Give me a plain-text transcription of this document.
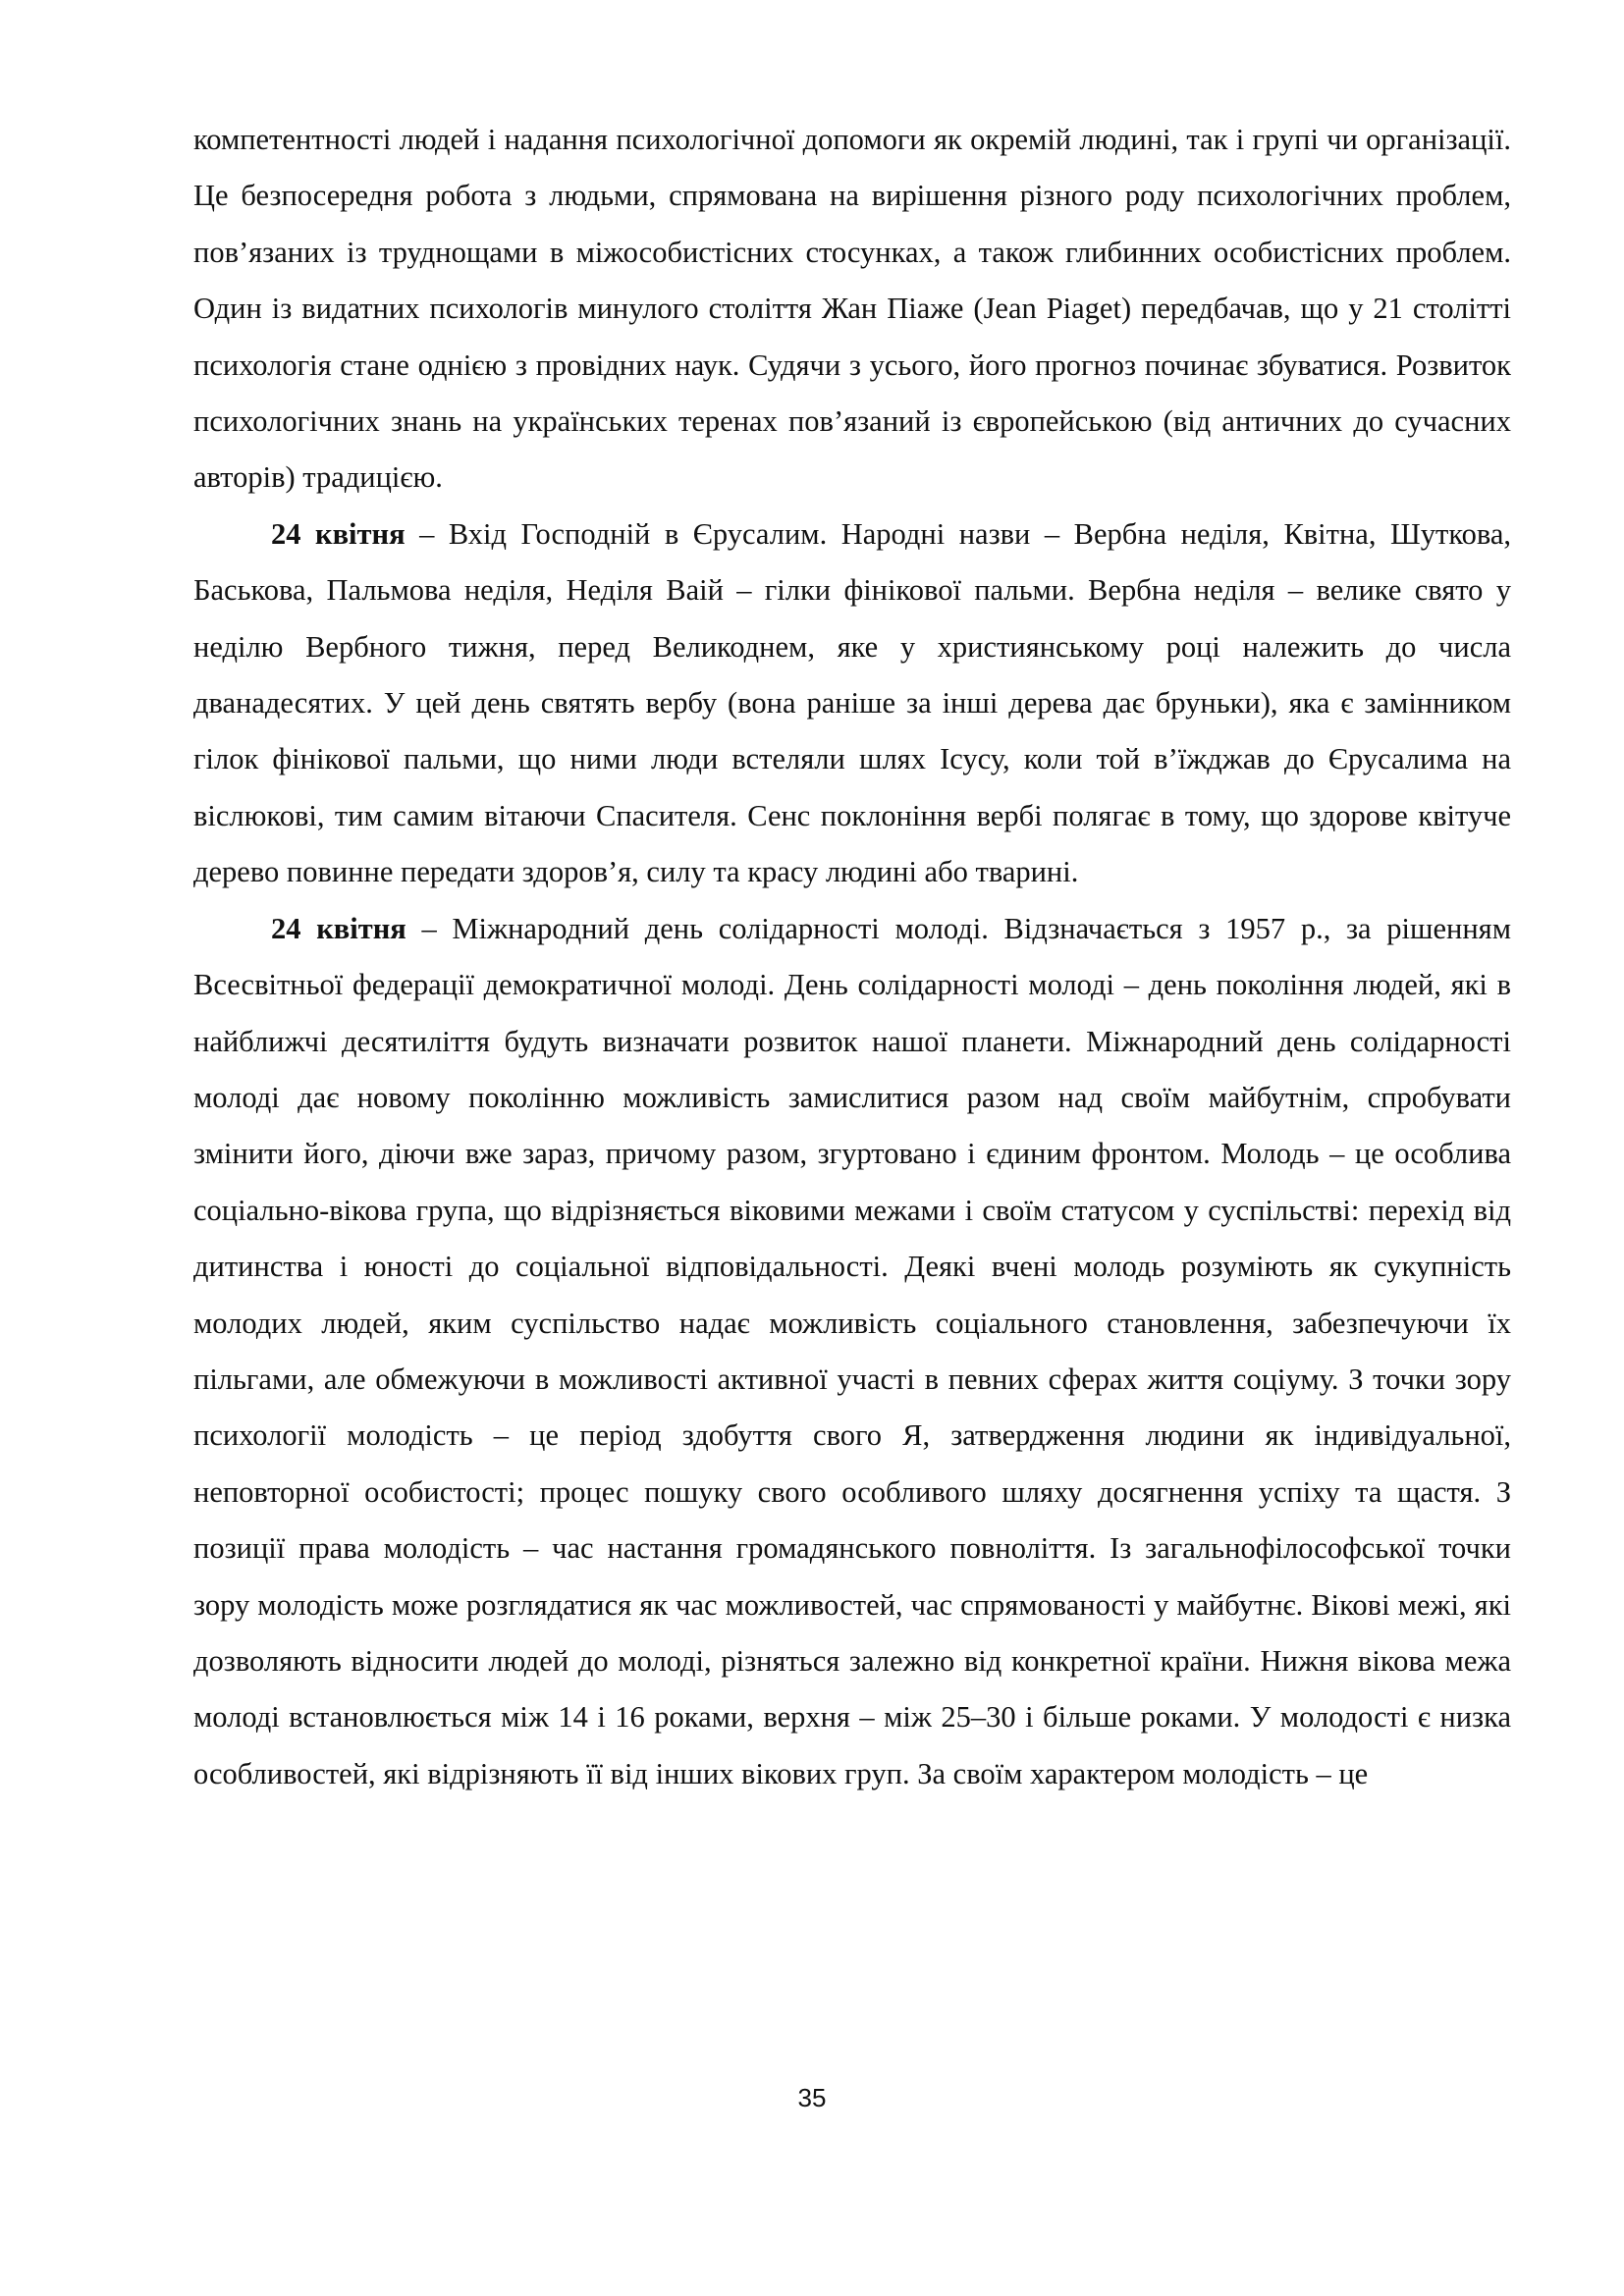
компетентності людей і надання психологічної допомоги як окремій людині, так і групі чи організації. Це безпосередня робота з людьми, спрямована на вирішення різного роду психологічних проблем, пов’язаних із труднощами в міжособистісних стосунках, а також глибинних особистісних проблем. Один із видатних психологів минулого століття Жан Піаже (Jean Piaget) передбачав, що у 21 столітті психологія стане однією з провідних наук. Судячи з усього, його прогноз починає збуватися. Розвиток психологічних знань на українських теренах пов’язаний із європейською (від античних до сучасних авторів) традицією.

24 квітня – Вхід Господній в Єрусалим. Народні назви – Вербна неділя, Квітна, Шуткова, Баськова, Пальмова неділя, Неділя Ваій – гілки фінікової пальми. Вербна неділя – велике свято у неділю Вербного тижня, перед Великоднем, яке у християнському році належить до числа дванадесятих. У цей день святять вербу (вона раніше за інші дерева дає бруньки), яка є замінником гілок фінікової пальми, що ними люди встеляли шлях Ісусу, коли той в’їжджав до Єрусалима на віслюкові, тим самим вітаючи Спасителя. Сенс поклоніння вербі полягає в тому, що здорове квітуче дерево повинне передати здоров’я, силу та красу людині або тварині.

24 квітня – Міжнародний день солідарності молоді. Відзначається з 1957 р., за рішенням Всесвітньої федерації демократичної молоді. День солідарності молоді – день покоління людей, які в найближчі десятиліття будуть визначати розвиток нашої планети. Міжнародний день солідарності молоді дає новому поколінню можливість замислитися разом над своїм майбутнім, спробувати змінити його, діючи вже зараз, причому разом, згуртовано і єдиним фронтом. Молодь – це особлива соціально-вікова група, що відрізняється віковими межами і своїм статусом у суспільстві: перехід від дитинства і юності до соціальної відповідальності. Деякі вчені молодь розуміють як сукупність молодих людей, яким суспільство надає можливість соціального становлення, забезпечуючи їх пільгами, але обмежуючи в можливості активної участі в певних сферах життя соціуму. З точки зору психології молодість – це період здобуття свого Я, затвердження людини як індивідуальної, неповторної особистості; процес пошуку свого особливого шляху досягнення успіху та щастя. З позиції права молодість – час настання громадянського повноліття. Із загальнофілософської точки зору молодість може розглядатися як час можливостей, час спрямованості у майбутнє. Вікові межі, які дозволяють відносити людей до молоді, різняться залежно від конкретної країни. Нижня вікова межа молоді встановлюється між 14 і 16 роками, верхня – між 25–30 і більше роками. У молодості є низка особливостей, які відрізняють її від інших вікових груп. За своїм характером молодість – це

35
